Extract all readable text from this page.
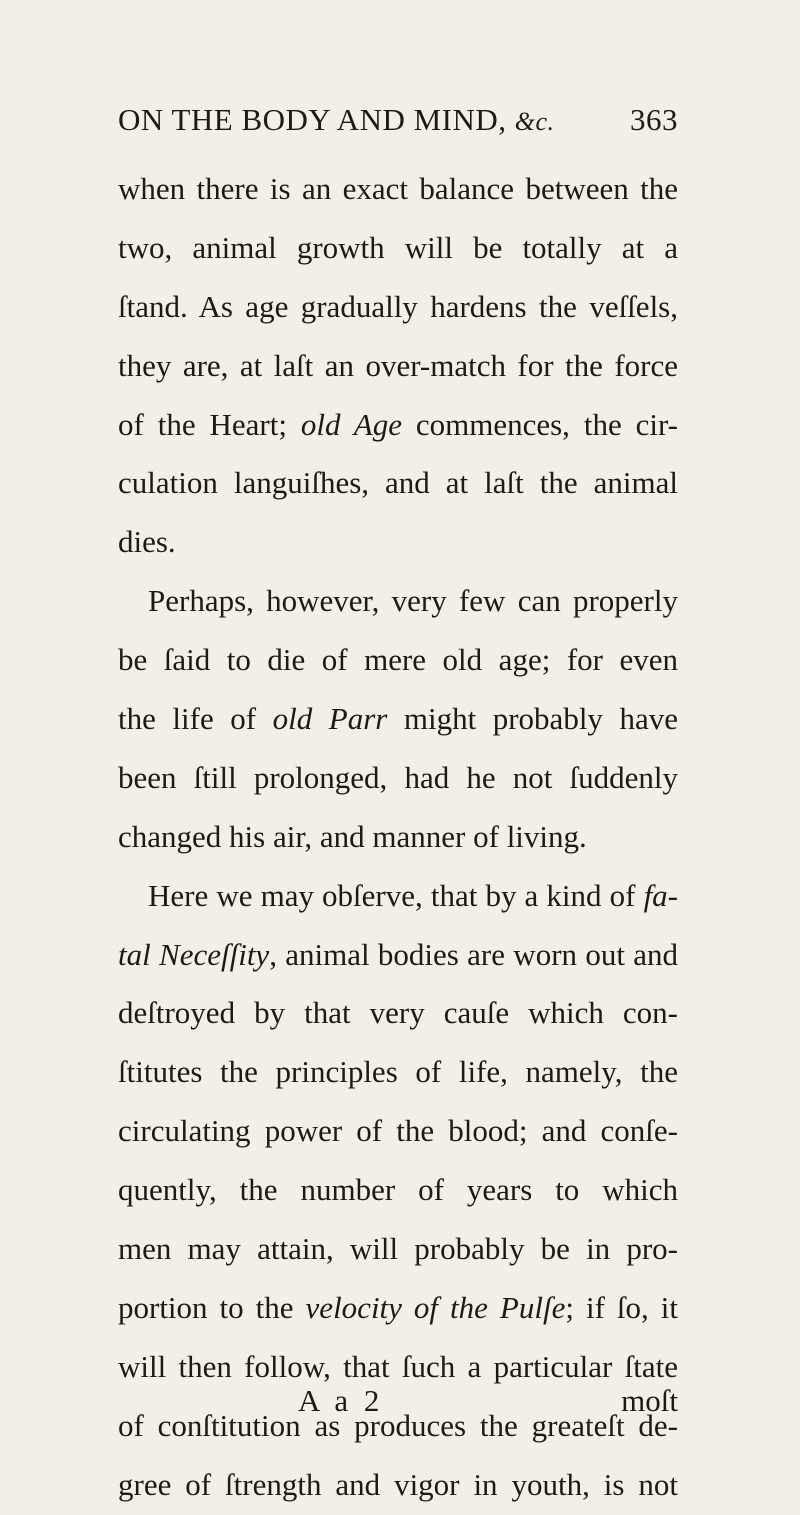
ON THE BODY AND MIND, &c. 363
when there is an exact balance between the
two, animal growth will be totally at a
ſtand. As age gradually hardens the veſſels,
they are, at laſt an over-match for the force
of the Heart; old Age commences, the cir-
culation languiſhes, and at laſt the animal
dies.
Perhaps, however, very few can properly
be ſaid to die of mere old age; for even
the life of old Parr might probably have
been ſtill prolonged, had he not ſuddenly
changed his air, and manner of living.
Here we may obſerve, that by a kind of fa-
tal Neceſſity, animal bodies are worn out and
deſtroyed by that very cauſe which con-
ſtitutes the principles of life, namely, the
circulating power of the blood; and conſe-
quently, the number of years to which
men may attain, will probably be in pro-
portion to the velocity of the Pulſe; if ſo, it
will then follow, that ſuch a particular ſtate
of conſtitution as produces the greateſt de-
gree of ſtrength and vigor in youth, is not
A a 2	moſt
